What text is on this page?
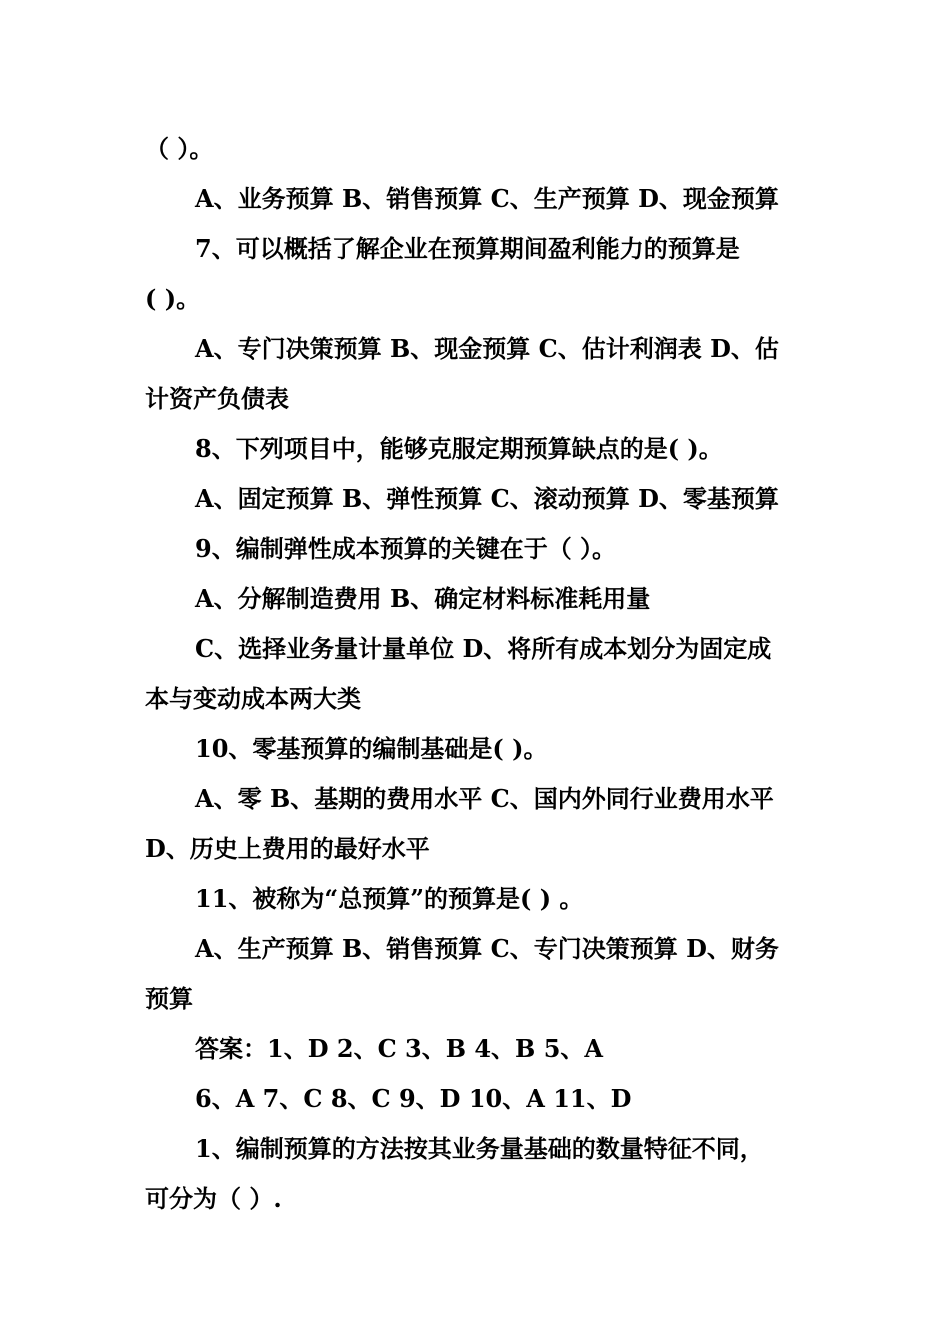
（ ）。
A、业务预算 B、销售预算 C、生产预算 D、现金预算
7、可以概括了解企业在预算期间盈利能力的预算是
( )。
A、专门决策预算 B、现金预算 C、估计利润表 D、估
计资产负债表
8、下列项目中，能够克服定期预算缺点的是( )。
A、固定预算 B、弹性预算 C、滚动预算 D、零基预算
9、编制弹性成本预算的关键在于（ ）。
A、分解制造费用 B、确定材料标准耗用量
C、选择业务量计量单位 D、将所有成本划分为固定成
本与变动成本两大类
10、零基预算的编制基础是( )。
A、零 B、基期的费用水平 C、国内外同行业费用水平
D、历史上费用的最好水平
11、被称为“总预算”的预算是( ) 。
A、生产预算 B、销售预算 C、专门决策预算 D、财务
预算
答案：1、D 2、C 3、B 4、B 5、A
6、A 7、C 8、C 9、D 10、A 11、D
1、编制预算的方法按其业务量基础的数量特征不同，
可分为（ ）.
